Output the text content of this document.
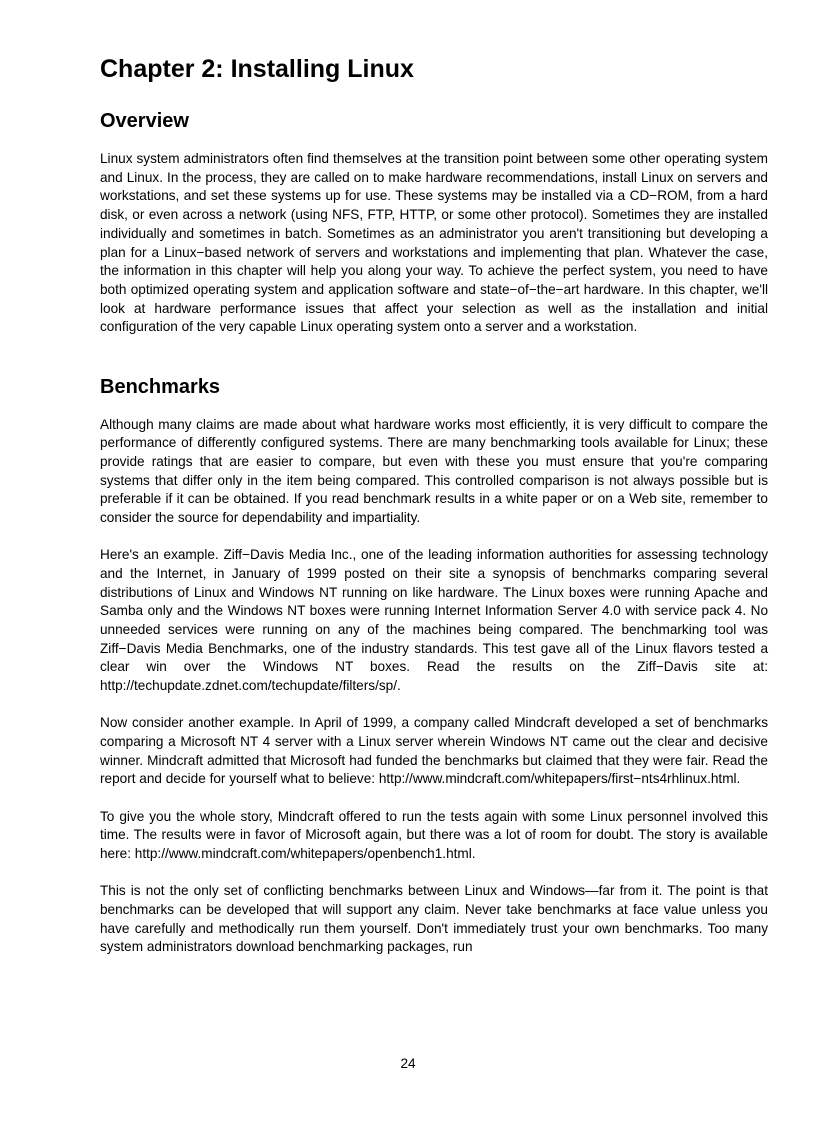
Chapter 2: Installing Linux
Overview

Linux system administrators often find themselves at the transition point between some other operating system and Linux. In the process, they are called on to make hardware recommendations, install Linux on servers and workstations, and set these systems up for use. These systems may be installed via a CD−ROM, from a hard disk, or even across a network (using NFS, FTP, HTTP, or some other protocol). Sometimes they are installed individually and sometimes in batch. Sometimes as an administrator you aren't transitioning but developing a plan for a Linux−based network of servers and workstations and implementing that plan. Whatever the case, the information in this chapter will help you along your way. To achieve the perfect system, you need to have both optimized operating system and application software and state−of−the−art hardware. In this chapter, we'll look at hardware performance issues that affect your selection as well as the installation and initial configuration of the very capable Linux operating system onto a server and a workstation.

Benchmarks

Although many claims are made about what hardware works most efficiently, it is very difficult to compare the performance of differently configured systems. There are many benchmarking tools available for Linux; these provide ratings that are easier to compare, but even with these you must ensure that you're comparing systems that differ only in the item being compared. This controlled comparison is not always possible but is preferable if it can be obtained. If you read benchmark results in a white paper or on a Web site, remember to consider the source for dependability and impartiality.

Here's an example. Ziff−Davis Media Inc., one of the leading information authorities for assessing technology and the Internet, in January of 1999 posted on their site a synopsis of benchmarks comparing several distributions of Linux and Windows NT running on like hardware. The Linux boxes were running Apache and Samba only and the Windows NT boxes were running Internet Information Server 4.0 with service pack 4. No unneeded services were running on any of the machines being compared. The benchmarking tool was Ziff−Davis Media Benchmarks, one of the industry standards. This test gave all of the Linux flavors tested a clear win over the Windows NT boxes. Read the results on the Ziff−Davis site at: http://techupdate.zdnet.com/techupdate/filters/sp/.

Now consider another example. In April of 1999, a company called Mindcraft developed a set of benchmarks comparing a Microsoft NT 4 server with a Linux server wherein Windows NT came out the clear and decisive winner. Mindcraft admitted that Microsoft had funded the benchmarks but claimed that they were fair. Read the report and decide for yourself what to believe: http://www.mindcraft.com/whitepapers/first−nts4rhlinux.html.

To give you the whole story, Mindcraft offered to run the tests again with some Linux personnel involved this time. The results were in favor of Microsoft again, but there was a lot of room for doubt. The story is available here: http://www.mindcraft.com/whitepapers/openbench1.html.

This is not the only set of conflicting benchmarks between Linux and Windows—far from it. The point is that benchmarks can be developed that will support any claim. Never take benchmarks at face value unless you have carefully and methodically run them yourself. Don't immediately trust your own benchmarks. Too many system administrators download benchmarking packages, run

24
